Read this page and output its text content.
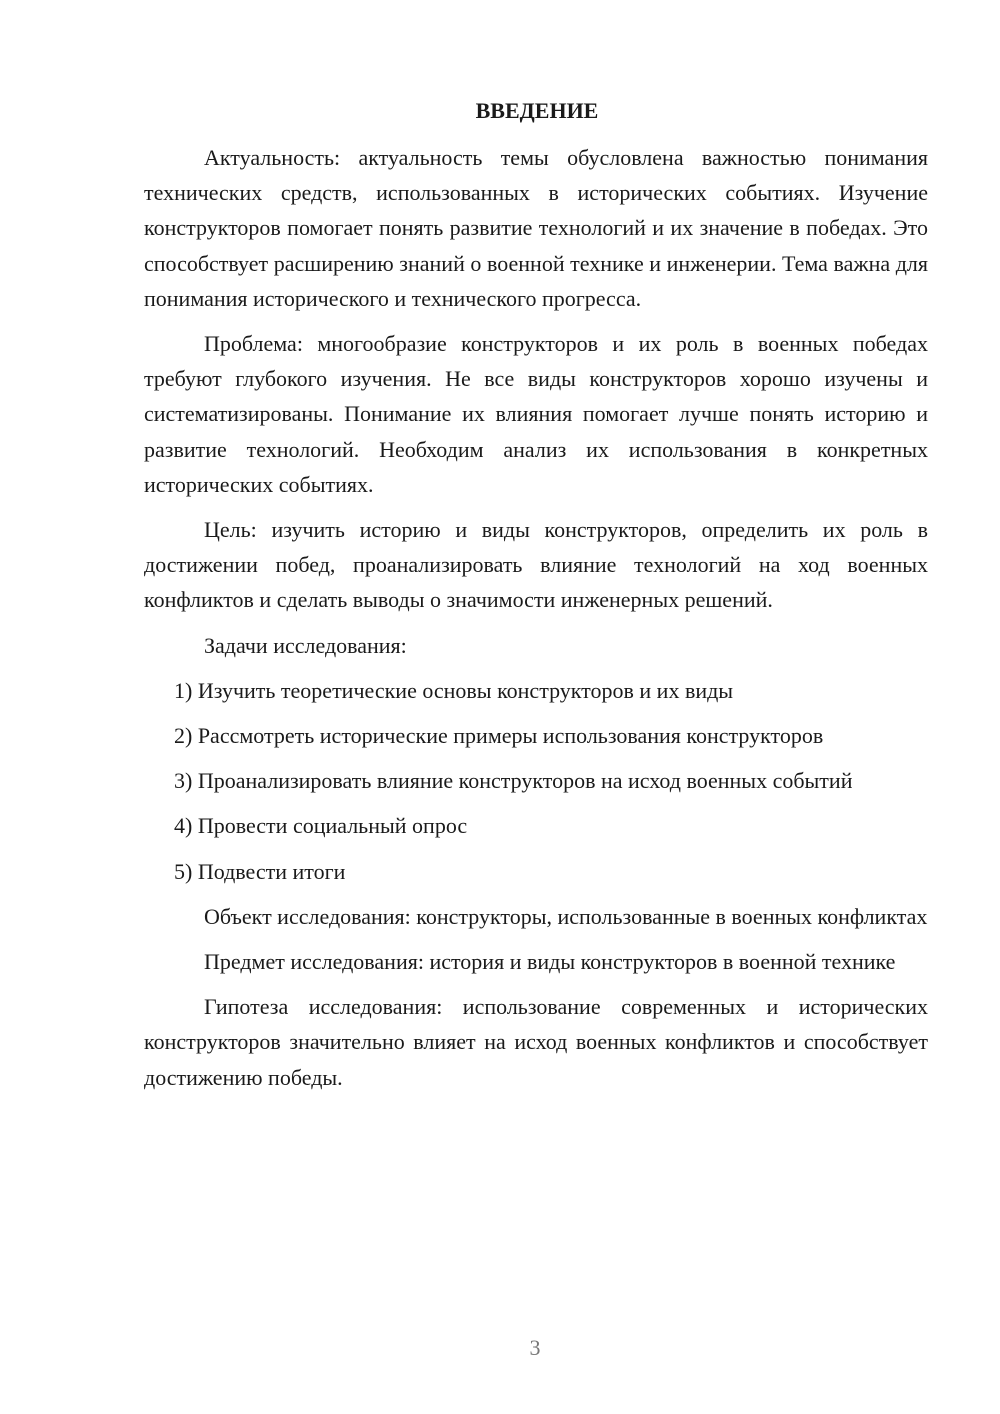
ВВЕДЕНИЕ

Актуальность: актуальность темы обусловлена важностью понимания технических средств, использованных в исторических событиях. Изучение конструкторов помогает понять развитие технологий и их значение в победах. Это способствует расширению знаний о военной технике и инженерии. Тема важна для понимания исторического и технического прогресса.

Проблема: многообразие конструкторов и их роль в военных победах требуют глубокого изучения. Не все виды конструкторов хорошо изучены и систематизированы. Понимание их влияния помогает лучше понять историю и развитие технологий. Необходим анализ их использования в конкретных исторических событиях.

Цель: изучить историю и виды конструкторов, определить их роль в достижении побед, проанализировать влияние технологий на ход военных конфликтов и сделать выводы о значимости инженерных решений.

Задачи исследования:

1) Изучить теоретические основы конструкторов и их виды

2) Рассмотреть исторические примеры использования конструкторов

3) Проанализировать влияние конструкторов на исход военных событий

4) Провести социальный опрос

5) Подвести итоги

Объект исследования: конструкторы, использованные в военных конфликтах

Предмет исследования: история и виды конструкторов в военной технике

Гипотеза исследования: использование современных и исторических конструкторов значительно влияет на исход военных конфликтов и способствует достижению победы.

3
